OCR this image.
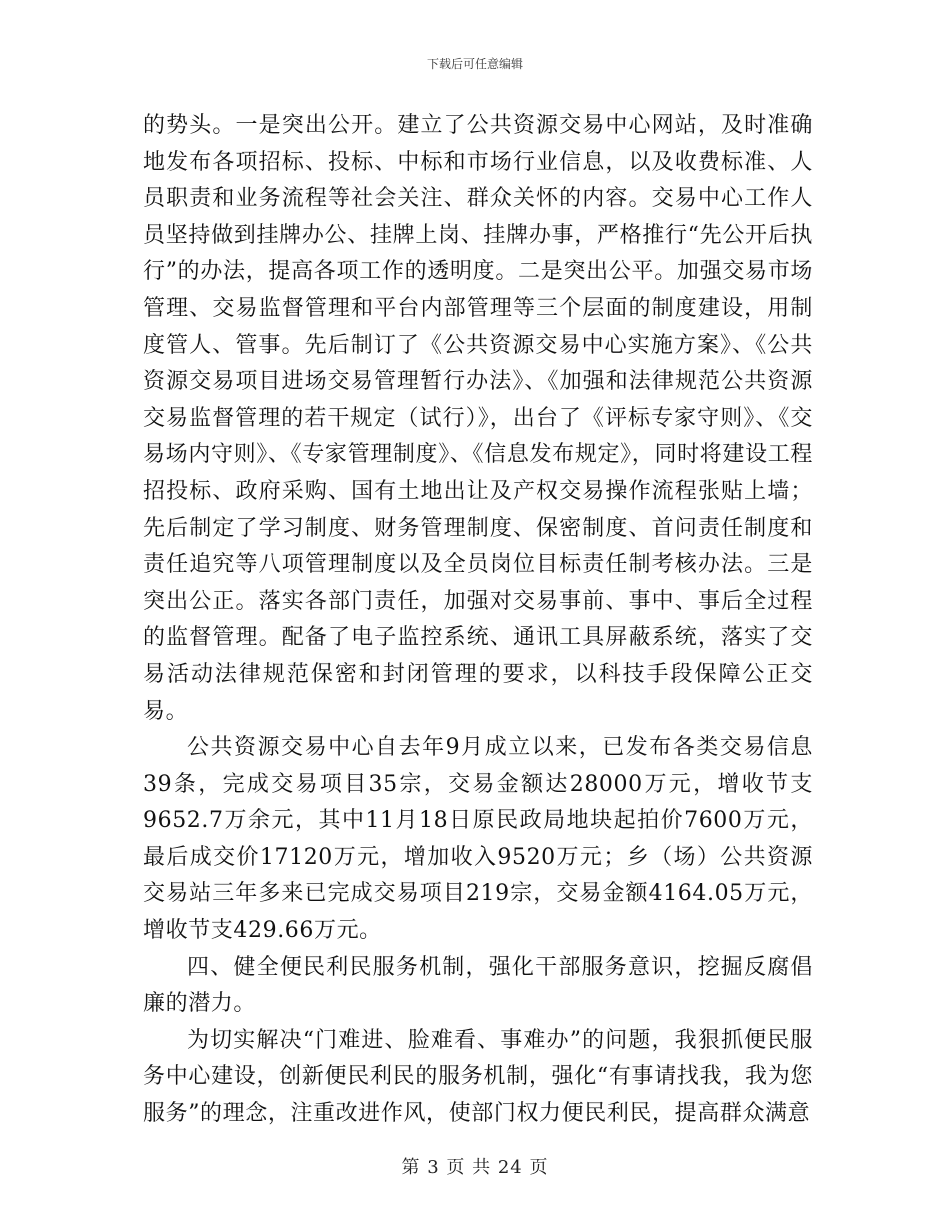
下载后可任意编辑

的势头。一是突出公开。建立了公共资源交易中心网站，及时准确地发布各项招标、投标、中标和市场行业信息，以及收费标准、人员职责和业务流程等社会关注、群众关怀的内容。交易中心工作人员坚持做到挂牌办公、挂牌上岗、挂牌办事，严格推行“先公开后执行”的办法，提高各项工作的透明度。二是突出公平。加强交易市场管理、交易监督管理和平台内部管理等三个层面的制度建设，用制度管人、管事。先后制订了《公共资源交易中心实施方案》、《公共资源交易项目进场交易管理暂行办法》、《加强和法律规范公共资源交易监督管理的若干规定（试行）》，出台了《评标专家守则》、《交易场内守则》、《专家管理制度》、《信息发布规定》，同时将建设工程招投标、政府采购、国有土地出让及产权交易操作流程张贴上墙；先后制定了学习制度、财务管理制度、保密制度、首问责任制度和责任追究等八项管理制度以及全员岗位目标责任制考核办法。三是突出公正。落实各部门责任，加强对交易事前、事中、事后全过程的监督管理。配备了电子监控系统、通讯工具屏蔽系统，落实了交易活动法律规范保密和封闭管理的要求，以科技手段保障公正交易。

公共资源交易中心自去年9月成立以来，已发布各类交易信息39条，完成交易项目35宗，交易金额达28000万元，增收节支9652.7万余元，其中11月18日原民政局地块起拍价7600万元，最后成交价17120万元，增加收入9520万元；乡（场）公共资源交易站三年多来已完成交易项目219宗，交易金额4164.05万元，增收节支429.66万元。

四、健全便民利民服务机制，强化干部服务意识，挖掘反腐倡廉的潜力。

为切实解决“门难进、脸难看、事难办”的问题，我狠抓便民服务中心建设，创新便民利民的服务机制，强化“有事请找我，我为您服务”的理念，注重改进作风，使部门权力便民利民，提高群众满意

第 3 页 共 24 页
